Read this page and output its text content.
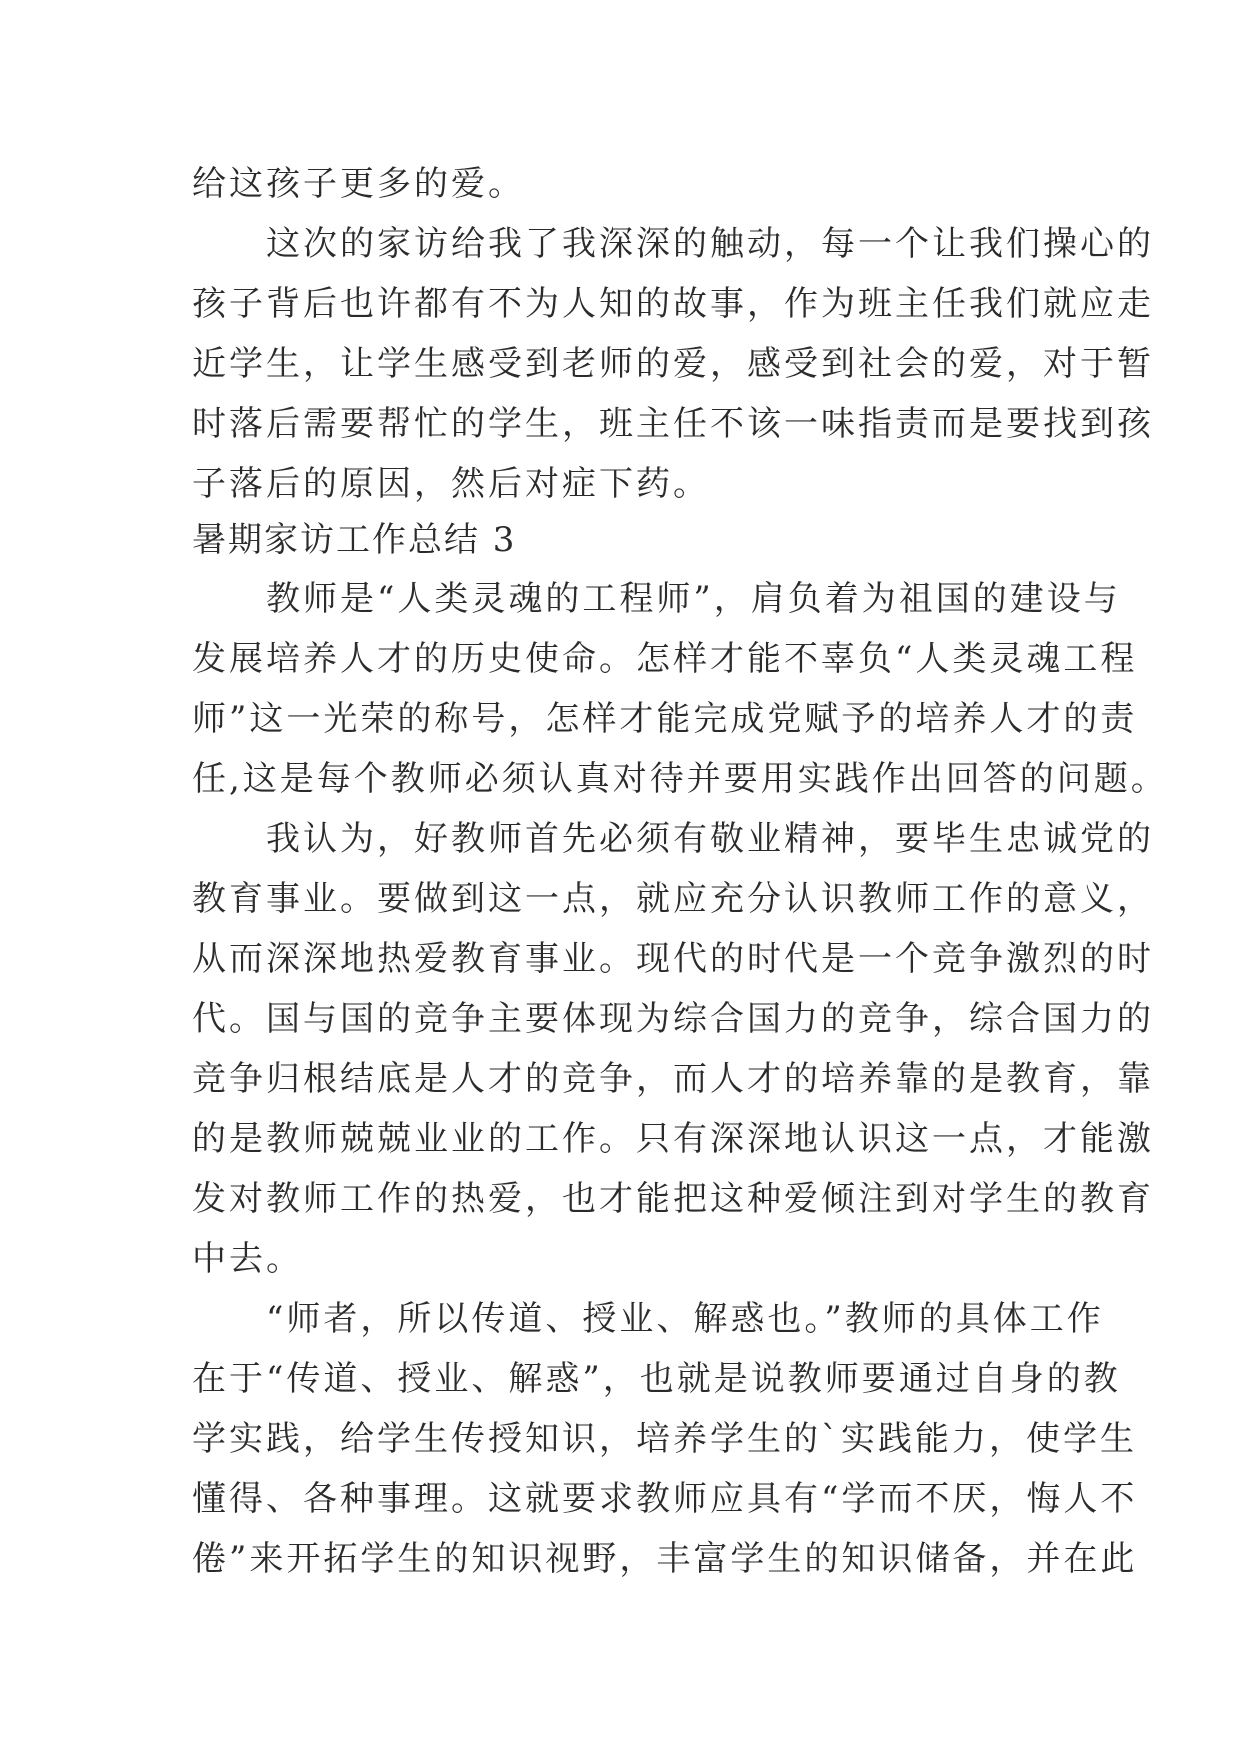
给这孩子更多的爱。
　　这次的家访给我了我深深的触动，每一个让我们操心的
孩子背后也许都有不为人知的故事，作为班主任我们就应走
近学生，让学生感受到老师的爱，感受到社会的爱，对于暂
时落后需要帮忙的学生，班主任不该一味指责而是要找到孩
子落后的原因，然后对症下药。
暑期家访工作总结 3
　　教师是“人类灵魂的工程师”，肩负着为祖国的建设与
发展培养人才的历史使命。怎样才能不辜负“人类灵魂工程
师”这一光荣的称号，怎样才能完成党赋予的培养人才的责
任,这是每个教师必须认真对待并要用实践作出回答的问题。
　　我认为，好教师首先必须有敬业精神，要毕生忠诚党的
教育事业。要做到这一点，就应充分认识教师工作的意义，
从而深深地热爱教育事业。现代的时代是一个竞争激烈的时
代。国与国的竞争主要体现为综合国力的竞争，综合国力的
竞争归根结底是人才的竞争，而人才的培养靠的是教育，靠
的是教师兢兢业业的工作。只有深深地认识这一点，才能激
发对教师工作的热爱，也才能把这种爱倾注到对学生的教育
中去。
　　“师者，所以传道、授业、解惑也。”教师的具体工作
在于“传道、授业、解惑”，也就是说教师要通过自身的教
学实践，给学生传授知识，培养学生的`实践能力，使学生
懂得、各种事理。这就要求教师应具有“学而不厌，悔人不
倦”来开拓学生的知识视野，丰富学生的知识储备，并在此
